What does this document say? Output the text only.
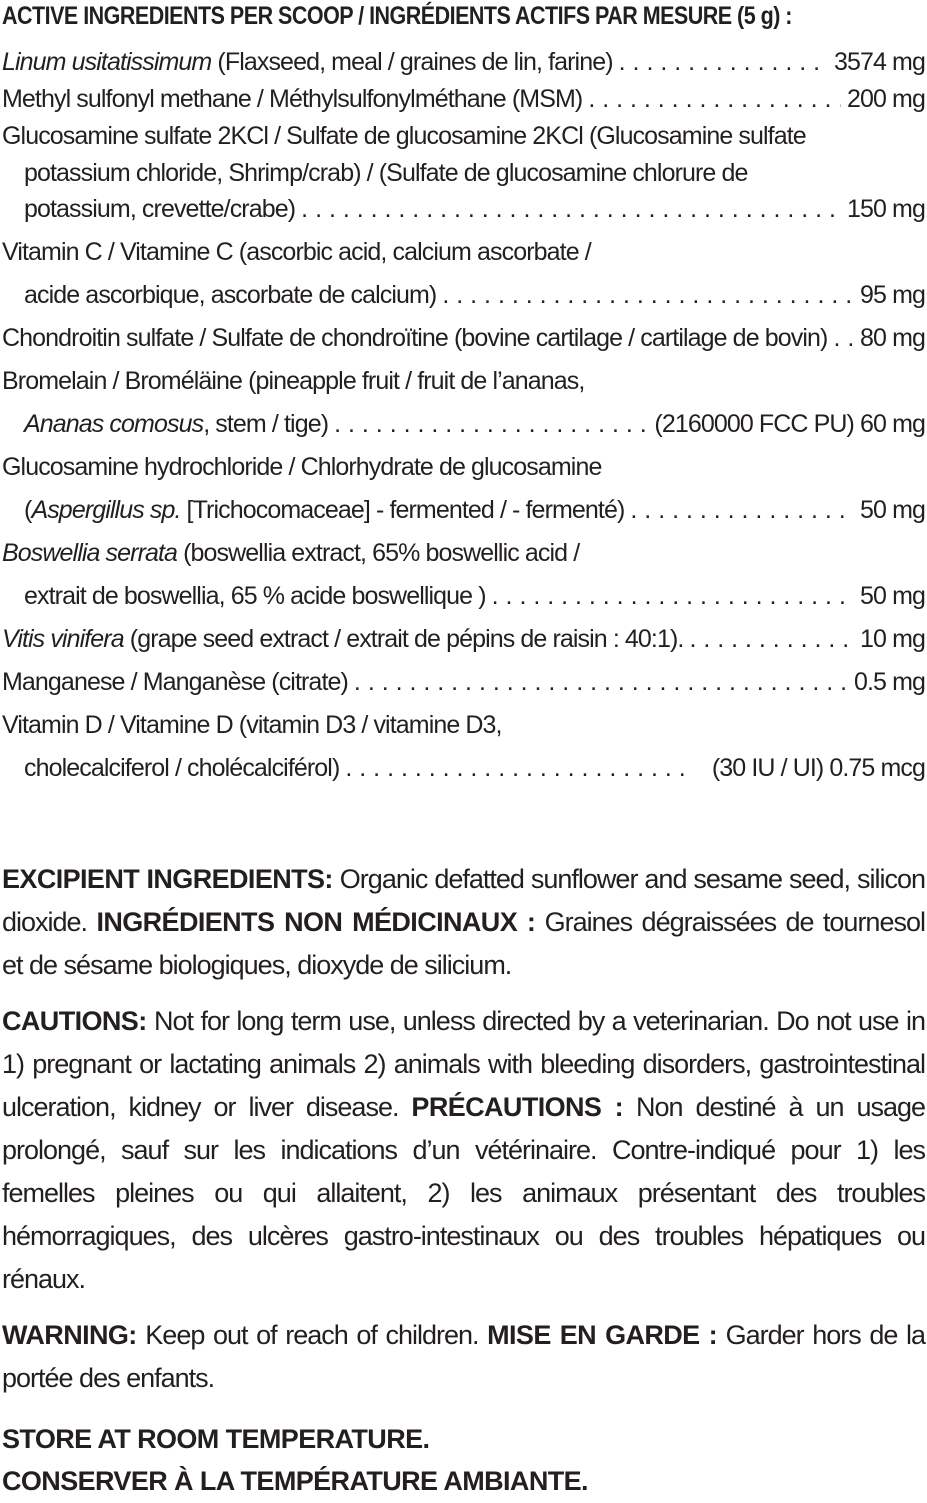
ACTIVE INGREDIENTS PER SCOOP / INGRÉDIENTS ACTIFS PAR MESURE (5 g) :
Linum usitatissimum (Flaxseed, meal / graines de lin, farine) . . .	3574 mg
Methyl sulfonyl methane / Méthylsulfonylméthane (MSM) . . .	200 mg
Glucosamine sulfate 2KCl / Sulfate de glucosamine 2KCl (Glucosamine sulfate
potassium chloride, Shrimp/crab) / (Sulfate de glucosamine chlorure de
potassium, crevette/crabe) . . .	150 mg
Vitamin C / Vitamine C (ascorbic acid, calcium ascorbate /
acide ascorbique, ascorbate de calcium) . . .	95 mg
Chondroitin sulfate / Sulfate de chondroïtine (bovine cartilage / cartilage de bovin) . . . 80 mg
Bromelain / Broméläine (pineapple fruit / fruit de l’ananas,
Ananas comosus, stem / tige) . . .	(2160000 FCC PU) 60 mg
Glucosamine hydrochloride / Chlorhydrate de glucosamine
(Aspergillus sp. [Trichocomaceae] - fermented / - fermenté) . . .	50 mg
Boswellia serrata (boswellia extract, 65% boswellic acid /
extrait de boswellia, 65 % acide boswellique ) . . .	50 mg
Vitis vinifera (grape seed extract / extrait de pépins de raisin : 40:1). . . .	10 mg
Manganese / Manganèse (citrate) . . .	0.5 mg
Vitamin D / Vitamine D (vitamin D3 / vitamine D3,
cholecalciferol / cholécalciférol) . . .	(30 IU / UI) 0.75 mcg
EXCIPIENT INGREDIENTS: Organic defatted sunflower and sesame seed, silicon dioxide. INGRÉDIENTS NON MÉDICINAUX : Graines dégraissées de tournesol et de sésame biologiques, dioxyde de silicium.
CAUTIONS: Not for long term use, unless directed by a veterinarian. Do not use in 1) pregnant or lactating animals 2) animals with bleeding disorders, gastrointestinal ulceration, kidney or liver disease. PRÉCAUTIONS : Non destiné à un usage prolongé, sauf sur les indications d’un vétérinaire. Contre-indiqué pour 1) les femelles pleines ou qui allaitent, 2) les animaux présentant des troubles hémorragiques, des ulcères gastro-intestinaux ou des troubles hépatiques ou rénaux.
WARNING: Keep out of reach of children. MISE EN GARDE : Garder hors de la portée des enfants.
STORE AT ROOM TEMPERATURE.
CONSERVER À LA TEMPÉRATURE AMBIANTE.
